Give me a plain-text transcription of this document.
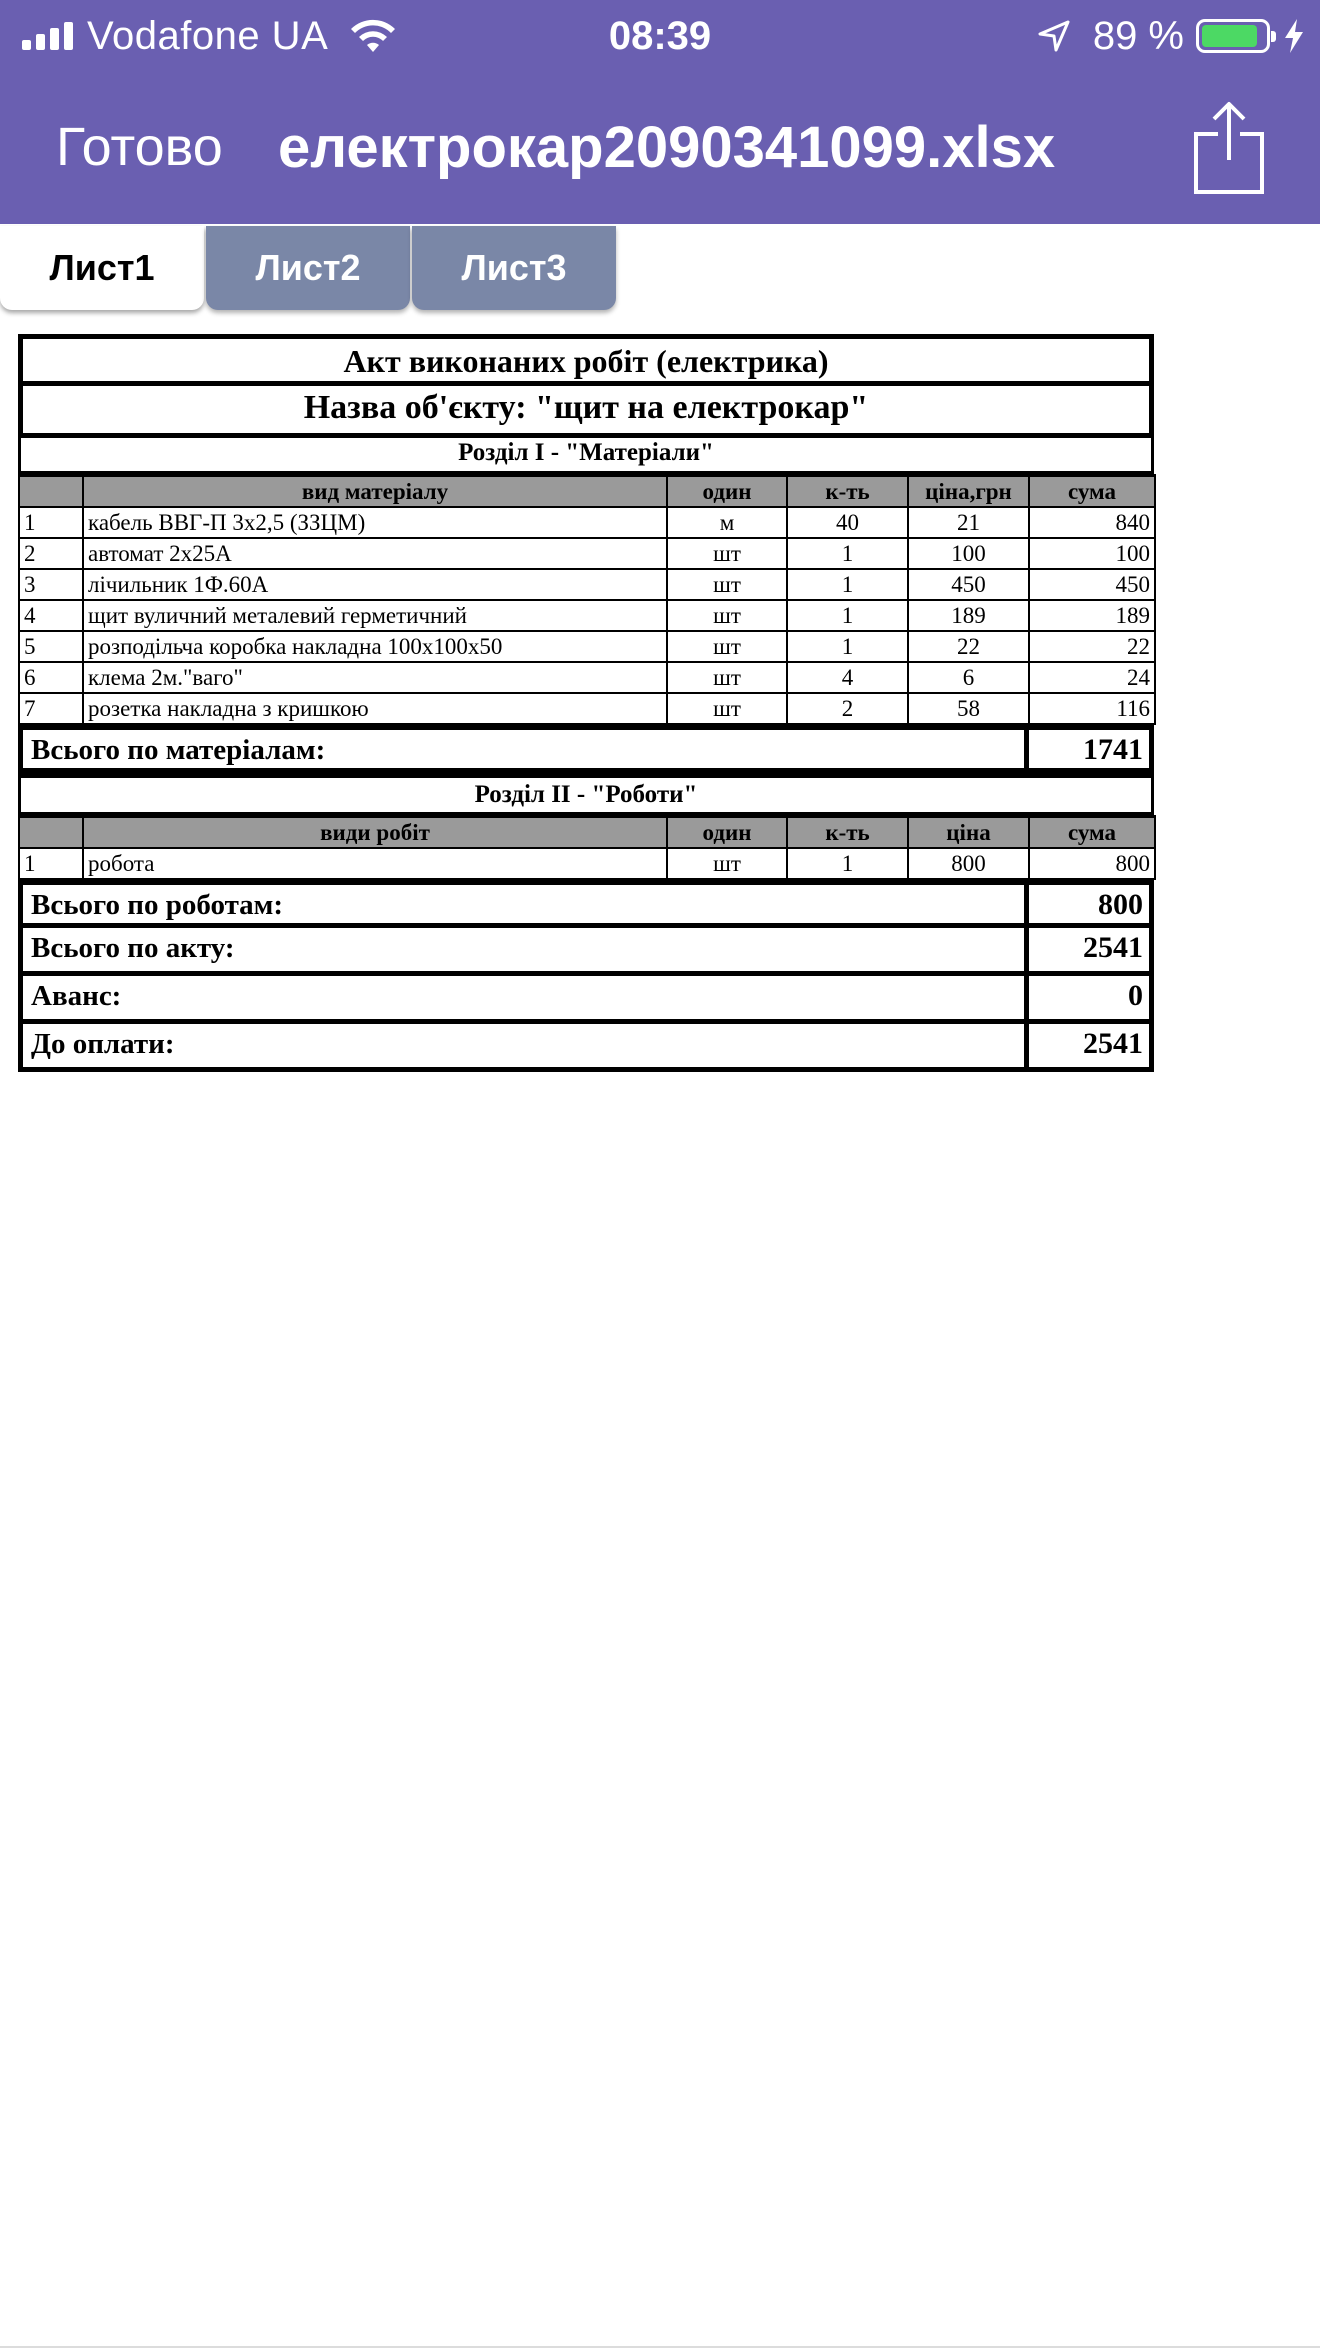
Vodafone UA	08:39	89 %
Готово електрокар2090341099.xlsx
Лист1	Лист2	Лист3
Акт виконаних робіт (електрика)
Назва об'єкту: "щит на електрокар"
Розділ I - "Матеріали"
	вид матеріалу	один	к-ть	ціна,грн	сума
1	кабель ВВГ-П 3х2,5 (ЗЗЦМ)	м	40	21	840
2	автомат 2х25А	шт	1	100	100
3	лічильник 1Ф.60А	шт	1	450	450
4	щит вуличний металевий герметичний	шт	1	189	189
5	розподільча коробка накладна 100х100х50	шт	1	22	22
6	клема 2м."ваго"	шт	4	6	24
7	розетка накладна з кришкою	шт	2	58	116
Всього по матеріалам:	1741
Розділ II - "Роботи"
	види робіт	один	к-ть	ціна	сума
1	робота	шт	1	800	800
Всього по роботам:	800
Всього по акту:	2541
Аванс:	0
До оплати:	2541
